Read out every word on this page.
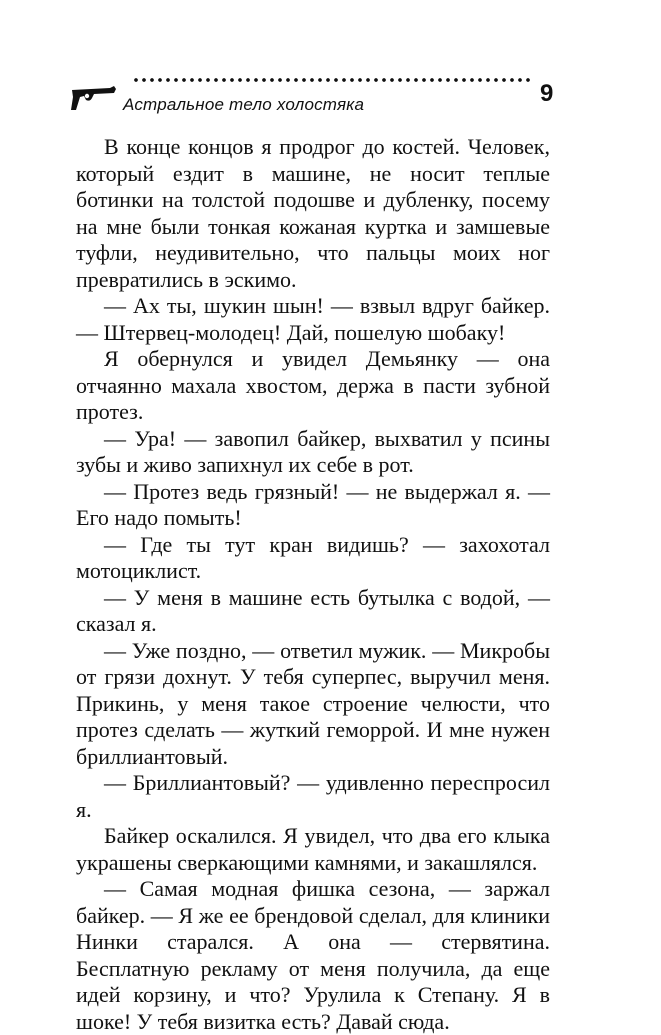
Астральное тело холостяка	9

В конце концов я продрог до костей. Человек, который ездит в машине, не носит теплые ботинки на толстой подошве и дубленку, посему на мне были тонкая кожаная куртка и замшевые туфли, неудивительно, что пальцы моих ног превратились в эскимо.

— Ах ты, шукин шын! — взвыл вдруг байкер. — Штервец-молодец! Дай, пошелую шобаку!

Я обернулся и увидел Демьянку — она отчаянно махала хвостом, держа в пасти зубной протез.

— Ура! — завопил байкер, выхватил у псины зубы и живо запихнул их себе в рот.

— Протез ведь грязный! — не выдержал я. — Его надо помыть!

— Где ты тут кран видишь? — захохотал мотоциклист.

— У меня в машине есть бутылка с водой, — сказал я.

— Уже поздно, — ответил мужик. — Микробы от грязи дохнут. У тебя суперпес, выручил меня. Прикинь, у меня такое строение челюсти, что протез сделать — жуткий геморрой. И мне нужен бриллиантовый.

— Бриллиантовый? — удивленно переспросил я.

Байкер оскалился. Я увидел, что два его клыка украшены сверкающими камнями, и закашлялся.

— Самая модная фишка сезона, — заржал байкер. — Я же ее брендовой сделал, для клиники Нинки старался. А она — стервятина. Бесплатную рекламу от меня получила, да еще идей корзину, и что? Урулила к Степану. Я в шоке! У тебя визитка есть? Давай сюда.
